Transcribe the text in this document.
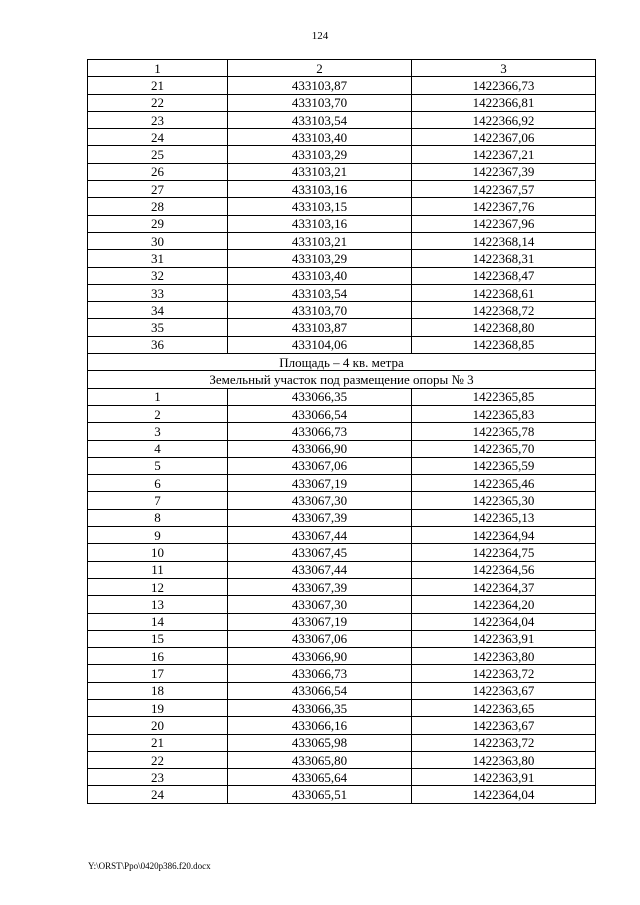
124
1	2	3
21	433103,87	1422366,73
22	433103,70	1422366,81
23	433103,54	1422366,92
24	433103,40	1422367,06
25	433103,29	1422367,21
26	433103,21	1422367,39
27	433103,16	1422367,57
28	433103,15	1422367,76
29	433103,16	1422367,96
30	433103,21	1422368,14
31	433103,29	1422368,31
32	433103,40	1422368,47
33	433103,54	1422368,61
34	433103,70	1422368,72
35	433103,87	1422368,80
36	433104,06	1422368,85
Площадь – 4 кв. метра		
Земельный участок под размещение опоры № 3		
1	433066,35	1422365,85
2	433066,54	1422365,83
3	433066,73	1422365,78
4	433066,90	1422365,70
5	433067,06	1422365,59
6	433067,19	1422365,46
7	433067,30	1422365,30
8	433067,39	1422365,13
9	433067,44	1422364,94
10	433067,45	1422364,75
11	433067,44	1422364,56
12	433067,39	1422364,37
13	433067,30	1422364,20
14	433067,19	1422364,04
15	433067,06	1422363,91
16	433066,90	1422363,80
17	433066,73	1422363,72
18	433066,54	1422363,67
19	433066,35	1422363,65
20	433066,16	1422363,67
21	433065,98	1422363,72
22	433065,80	1422363,80
23	433065,64	1422363,91
24	433065,51	1422364,04
Y:\ORST\Ppo\0420p386.f20.docx
